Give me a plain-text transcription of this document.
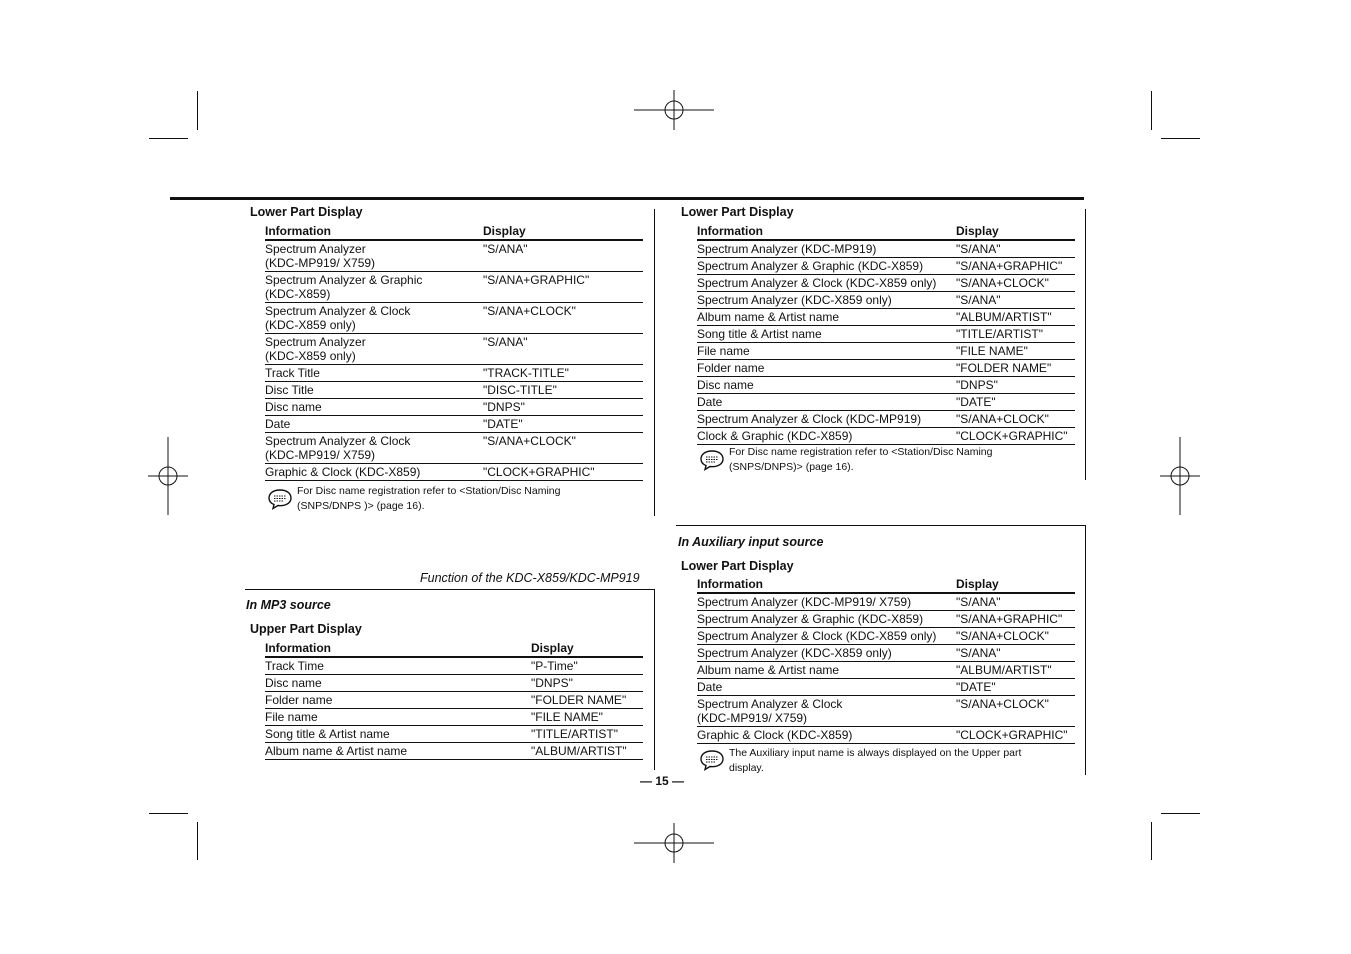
Lower Part Display
Information	Display
Spectrum Analyzer
(KDC-MP919/ X759)	"S/ANA"
Spectrum Analyzer & Graphic
(KDC-X859)	"S/ANA+GRAPHIC"
Spectrum Analyzer & Clock
(KDC-X859 only)	"S/ANA+CLOCK"
Spectrum Analyzer
(KDC-X859 only)	"S/ANA"
Track Title	"TRACK-TITLE"
Disc Title	"DISC-TITLE"
Disc name	"DNPS"
Date	"DATE"
Spectrum Analyzer & Clock
(KDC-MP919/ X759)	"S/ANA+CLOCK"
Graphic & Clock (KDC-X859)	"CLOCK+GRAPHIC"
For Disc name registration refer to <Station/Disc Naming
(SNPS/DNPS )> (page 16).
Function of the KDC-X859/KDC-MP919
In MP3 source
Upper Part Display
Information	Display
Track Time	"P-Time"
Disc name	"DNPS"
Folder name	"FOLDER NAME"
File name	"FILE NAME"
Song title & Artist name	"TITLE/ARTIST"
Album name & Artist name	"ALBUM/ARTIST"
Lower Part Display
Information	Display
Spectrum Analyzer (KDC-MP919)	"S/ANA"
Spectrum Analyzer & Graphic (KDC-X859)	"S/ANA+GRAPHIC"
Spectrum Analyzer & Clock (KDC-X859 only)	"S/ANA+CLOCK"
Spectrum Analyzer (KDC-X859 only)	"S/ANA"
Album name & Artist name	"ALBUM/ARTIST"
Song title & Artist name	"TITLE/ARTIST"
File name	"FILE NAME"
Folder name	"FOLDER NAME"
Disc name	"DNPS"
Date	"DATE"
Spectrum Analyzer & Clock (KDC-MP919)	"S/ANA+CLOCK"
Clock & Graphic (KDC-X859)	"CLOCK+GRAPHIC"
For Disc name registration refer to <Station/Disc Naming
(SNPS/DNPS)> (page 16).
In Auxiliary input source
Lower Part Display
Information	Display
Spectrum Analyzer (KDC-MP919/ X759)	"S/ANA"
Spectrum Analyzer & Graphic (KDC-X859)	"S/ANA+GRAPHIC"
Spectrum Analyzer & Clock (KDC-X859 only)	"S/ANA+CLOCK"
Spectrum Analyzer (KDC-X859 only)	"S/ANA"
Album name & Artist name	"ALBUM/ARTIST"
Date	"DATE"
Spectrum Analyzer & Clock
(KDC-MP919/ X759)	"S/ANA+CLOCK"
Graphic & Clock (KDC-X859)	"CLOCK+GRAPHIC"
The Auxiliary input name is always displayed on the Upper part
display.
— 15 —
